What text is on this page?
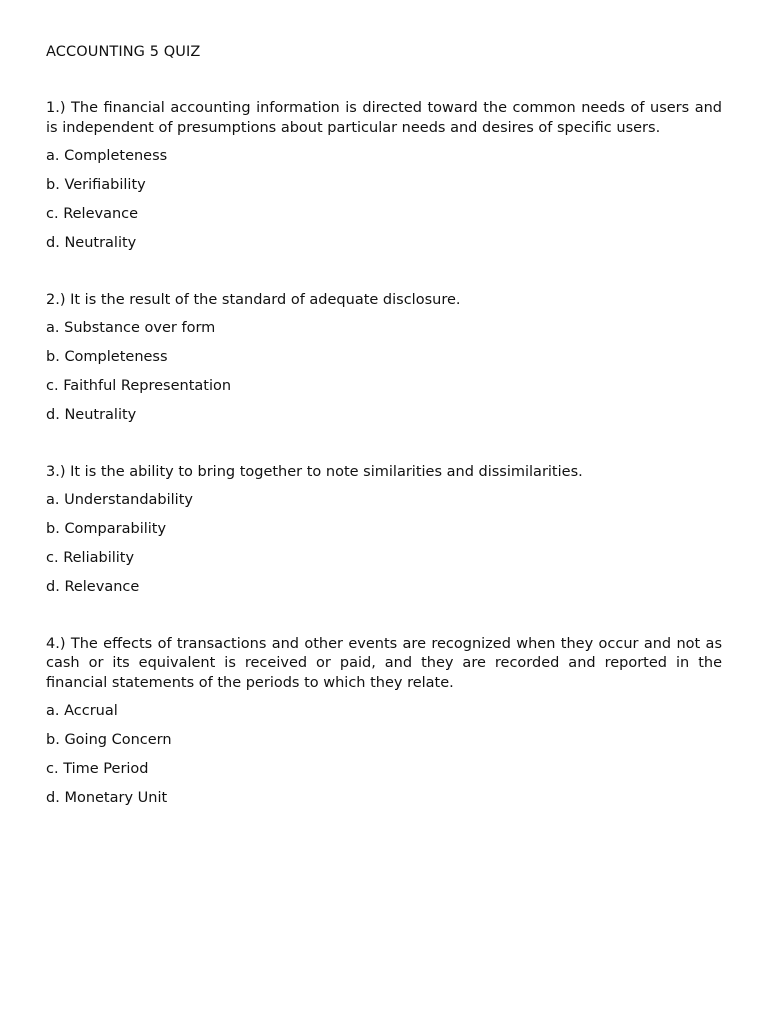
ACCOUNTING 5 QUIZ

1.) The financial accounting information is directed toward the common needs of users and is independent of presumptions about particular needs and desires of specific users.

a. Completeness
b. Verifiability
c. Relevance
d. Neutrality

2.) It is the result of the standard of adequate disclosure.

a. Substance over form
b. Completeness
c. Faithful Representation
d. Neutrality

3.) It is the ability to bring together to note similarities and dissimilarities.

a. Understandability
b. Comparability
c. Reliability
d. Relevance

4.) The effects of transactions and other events are recognized when they occur and not as cash or its equivalent is received or paid, and they are recorded and reported in the financial statements of the periods to which they relate.

a. Accrual
b. Going Concern
c. Time Period
d. Monetary Unit
